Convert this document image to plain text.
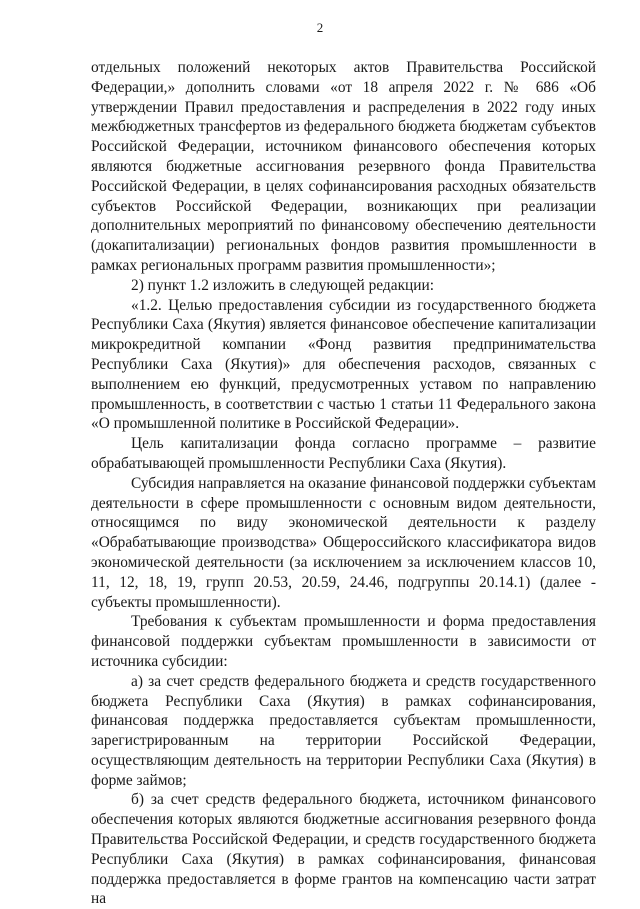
2

отдельных положений некоторых актов Правительства Российской Федерации,» дополнить словами «от 18 апреля 2022 г. № 686 «Об утверждении Правил предоставления и распределения в 2022 году иных межбюджетных трансфертов из федерального бюджета бюджетам субъектов Российской Федерации, источником финансового обеспечения которых являются бюджетные ассигнования резервного фонда Правительства Российской Федерации, в целях софинансирования расходных обязательств субъектов Российской Федерации, возникающих при реализации дополнительных мероприятий по финансовому обеспечению деятельности (докапитализации) региональных фондов развития промышленности в рамках региональных программ развития промышленности»;

2) пункт 1.2 изложить в следующей редакции:

«1.2. Целью предоставления субсидии из государственного бюджета Республики Саха (Якутия) является финансовое обеспечение капитализации микрокредитной компании «Фонд развития предпринимательства Республики Саха (Якутия)» для обеспечения расходов, связанных с выполнением ею функций, предусмотренных уставом по направлению промышленность, в соответствии с частью 1 статьи 11 Федерального закона «О промышленной политике в Российской Федерации».

Цель капитализации фонда согласно программе – развитие обрабатывающей промышленности Республики Саха (Якутия).

Субсидия направляется на оказание финансовой поддержки субъектам деятельности в сфере промышленности с основным видом деятельности, относящимся по виду экономической деятельности к разделу «Обрабатывающие производства» Общероссийского классификатора видов экономической деятельности (за исключением за исключением классов 10, 11, 12, 18, 19, групп 20.53, 20.59, 24.46, подгруппы 20.14.1) (далее - субъекты промышленности).

Требования к субъектам промышленности и форма предоставления финансовой поддержки субъектам промышленности в зависимости от источника субсидии:

а) за счет средств федерального бюджета и средств государственного бюджета Республики Саха (Якутия) в рамках софинансирования, финансовая поддержка предоставляется субъектам промышленности, зарегистрированным на территории Российской Федерации, осуществляющим деятельность на территории Республики Саха (Якутия) в форме займов;

б) за счет средств федерального бюджета, источником финансового обеспечения которых являются бюджетные ассигнования резервного фонда Правительства Российской Федерации, и средств государственного бюджета Республики Саха (Якутия) в рамках софинансирования, финансовая поддержка предоставляется в форме грантов на компенсацию части затрат на
